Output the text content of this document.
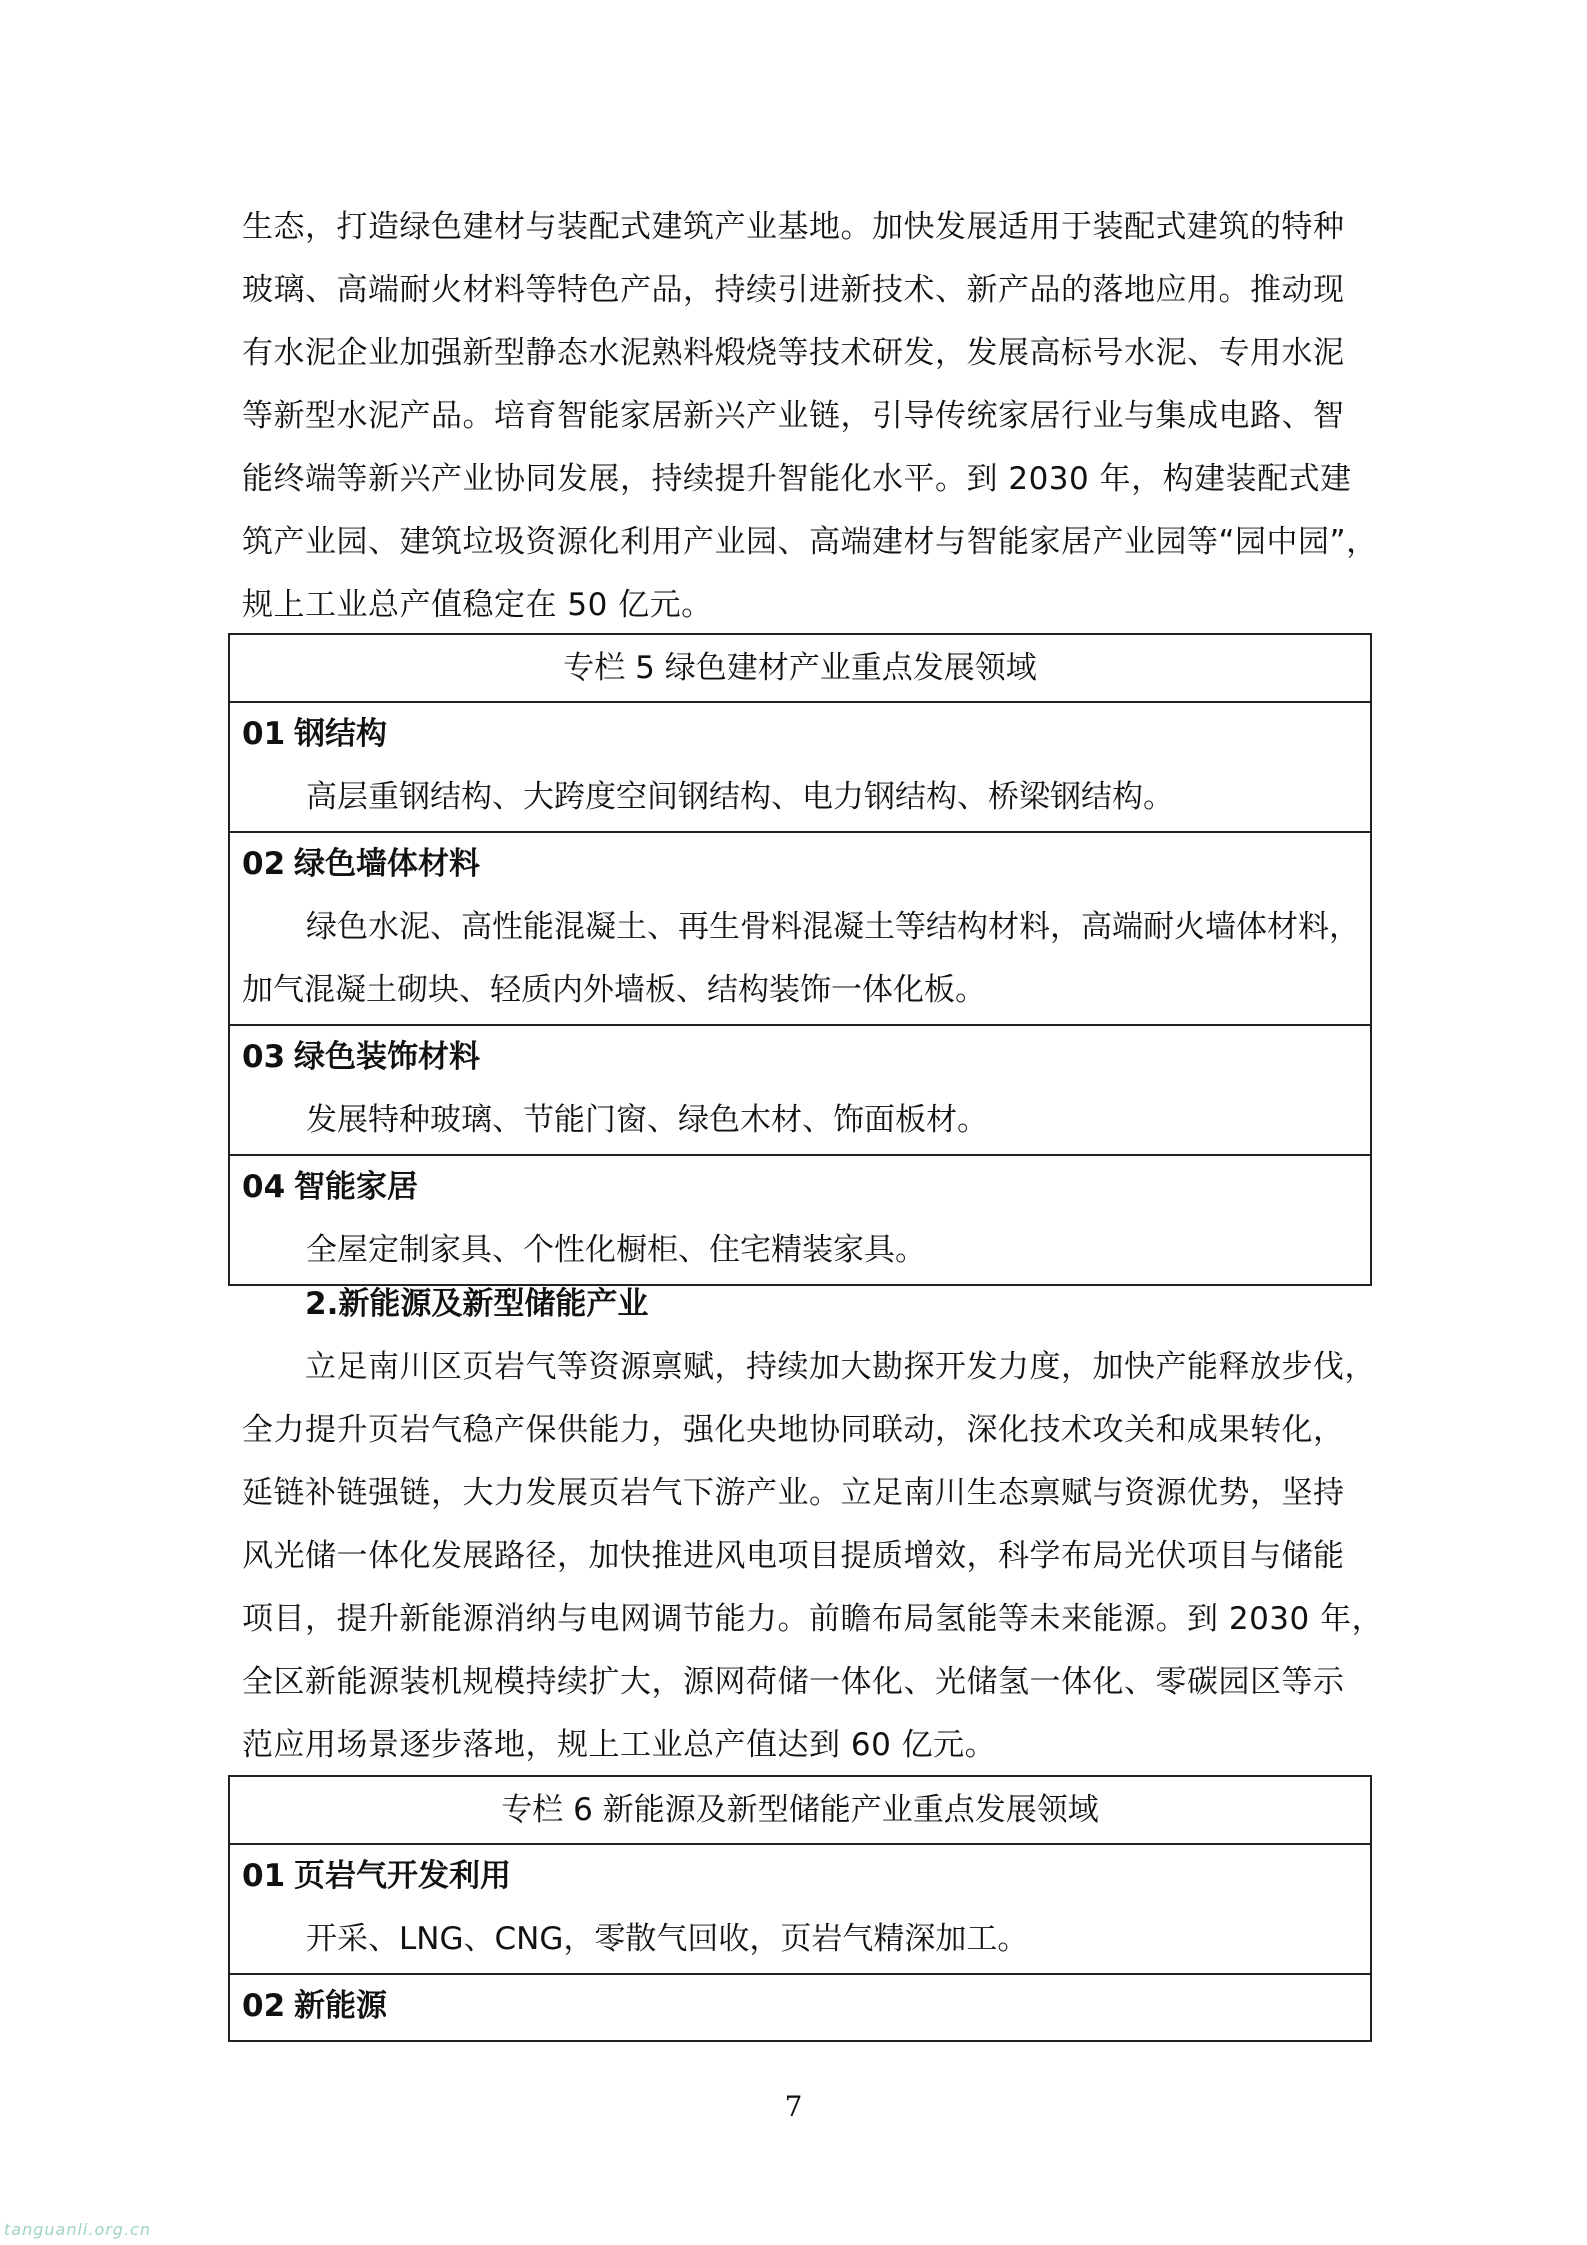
生态，打造绿色建材与装配式建筑产业基地。加快发展适用于装配式建筑的特种

玻璃、高端耐火材料等特色产品，持续引进新技术、新产品的落地应用。推动现

有水泥企业加强新型静态水泥熟料煅烧等技术研发，发展高标号水泥、专用水泥

等新型水泥产品。培育智能家居新兴产业链，引导传统家居行业与集成电路、智

能终端等新兴产业协同发展，持续提升智能化水平。到 2030 年，构建装配式建

筑产业园、建筑垃圾资源化利用产业园、高端建材与智能家居产业园等“园中园”，

规上工业总产值稳定在 50 亿元。

专栏 5 绿色建材产业重点发展领域
01 钢结构

高层重钢结构、大跨度空间钢结构、电力钢结构、桥梁钢结构。

02 绿色墙体材料

绿色水泥、高性能混凝土、再生骨料混凝土等结构材料，高端耐火墙体材料，

加气混凝土砌块、轻质内外墙板、结构装饰一体化板。

03 绿色装饰材料

发展特种玻璃、节能门窗、绿色木材、饰面板材。

04 智能家居

全屋定制家具、个性化橱柜、住宅精装家具。

2.新能源及新型储能产业

立足南川区页岩气等资源禀赋，持续加大勘探开发力度，加快产能释放步伐，

全力提升页岩气稳产保供能力，强化央地协同联动，深化技术攻关和成果转化，

延链补链强链，大力发展页岩气下游产业。立足南川生态禀赋与资源优势，坚持

风光储一体化发展路径，加快推进风电项目提质增效，科学布局光伏项目与储能

项目，提升新能源消纳与电网调节能力。前瞻布局氢能等未来能源。到 2030 年，

全区新能源装机规模持续扩大，源网荷储一体化、光储氢一体化、零碳园区等示

范应用场景逐步落地，规上工业总产值达到 60 亿元。

专栏 6 新能源及新型储能产业重点发展领域
01 页岩气开发利用

开采、LNG、CNG，零散气回收，页岩气精深加工。

02 新能源
7
tanguanli.org.cn
